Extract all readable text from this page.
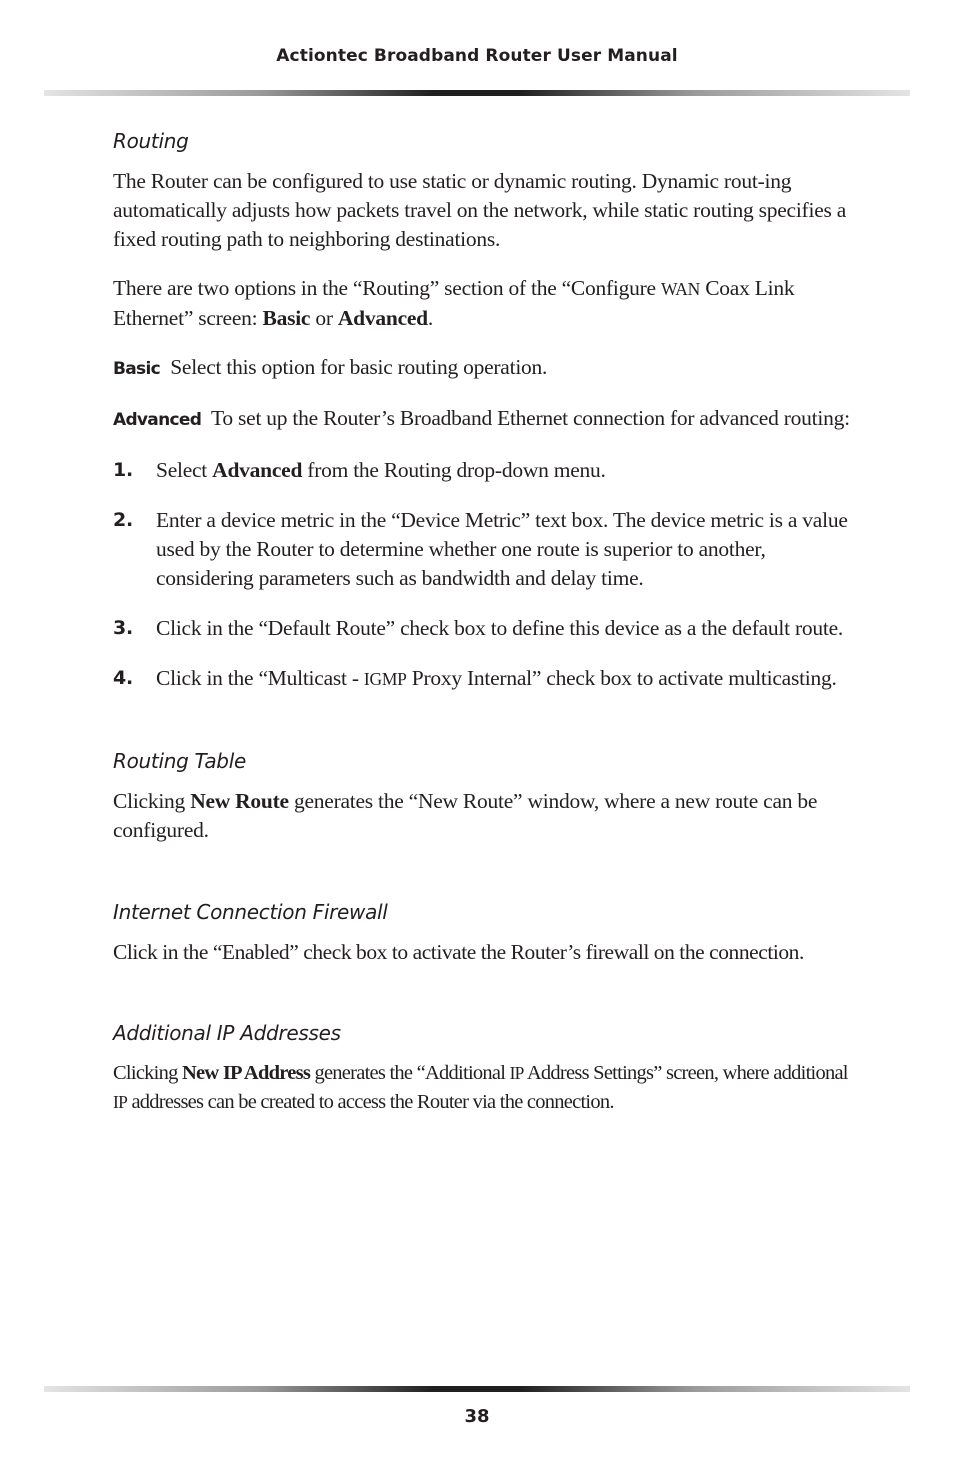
Actiontec Broadband Router User Manual
Routing

The Router can be configured to use static or dynamic routing. Dynamic rout-ing automatically adjusts how packets travel on the network, while static routing specifies a fixed routing path to neighboring destinations.

There are two options in the “Routing” section of the “Configure WAN Coax Link Ethernet” screen: Basic or Advanced.

Basic Select this option for basic routing operation.

Advanced To set up the Router’s Broadband Ethernet connection for advanced routing:

1. Select Advanced from the Routing drop-down menu.

2. Enter a device metric in the “Device Metric” text box. The device metric is a value used by the Router to determine whether one route is superior to another, considering parameters such as bandwidth and delay time.

3. Click in the “Default Route” check box to define this device as a the default route.

4. Click in the “Multicast - IGMP Proxy Internal” check box to activate multicasting.

Routing Table

Clicking New Route generates the “New Route” window, where a new route can be configured.

Internet Connection Firewall

Click in the “Enabled” check box to activate the Router’s firewall on the connection.

Additional IP Addresses

Clicking New IP Address generates the “Additional IP Address Settings” screen, where additional IP addresses can be created to access the Router via the connection.

38
